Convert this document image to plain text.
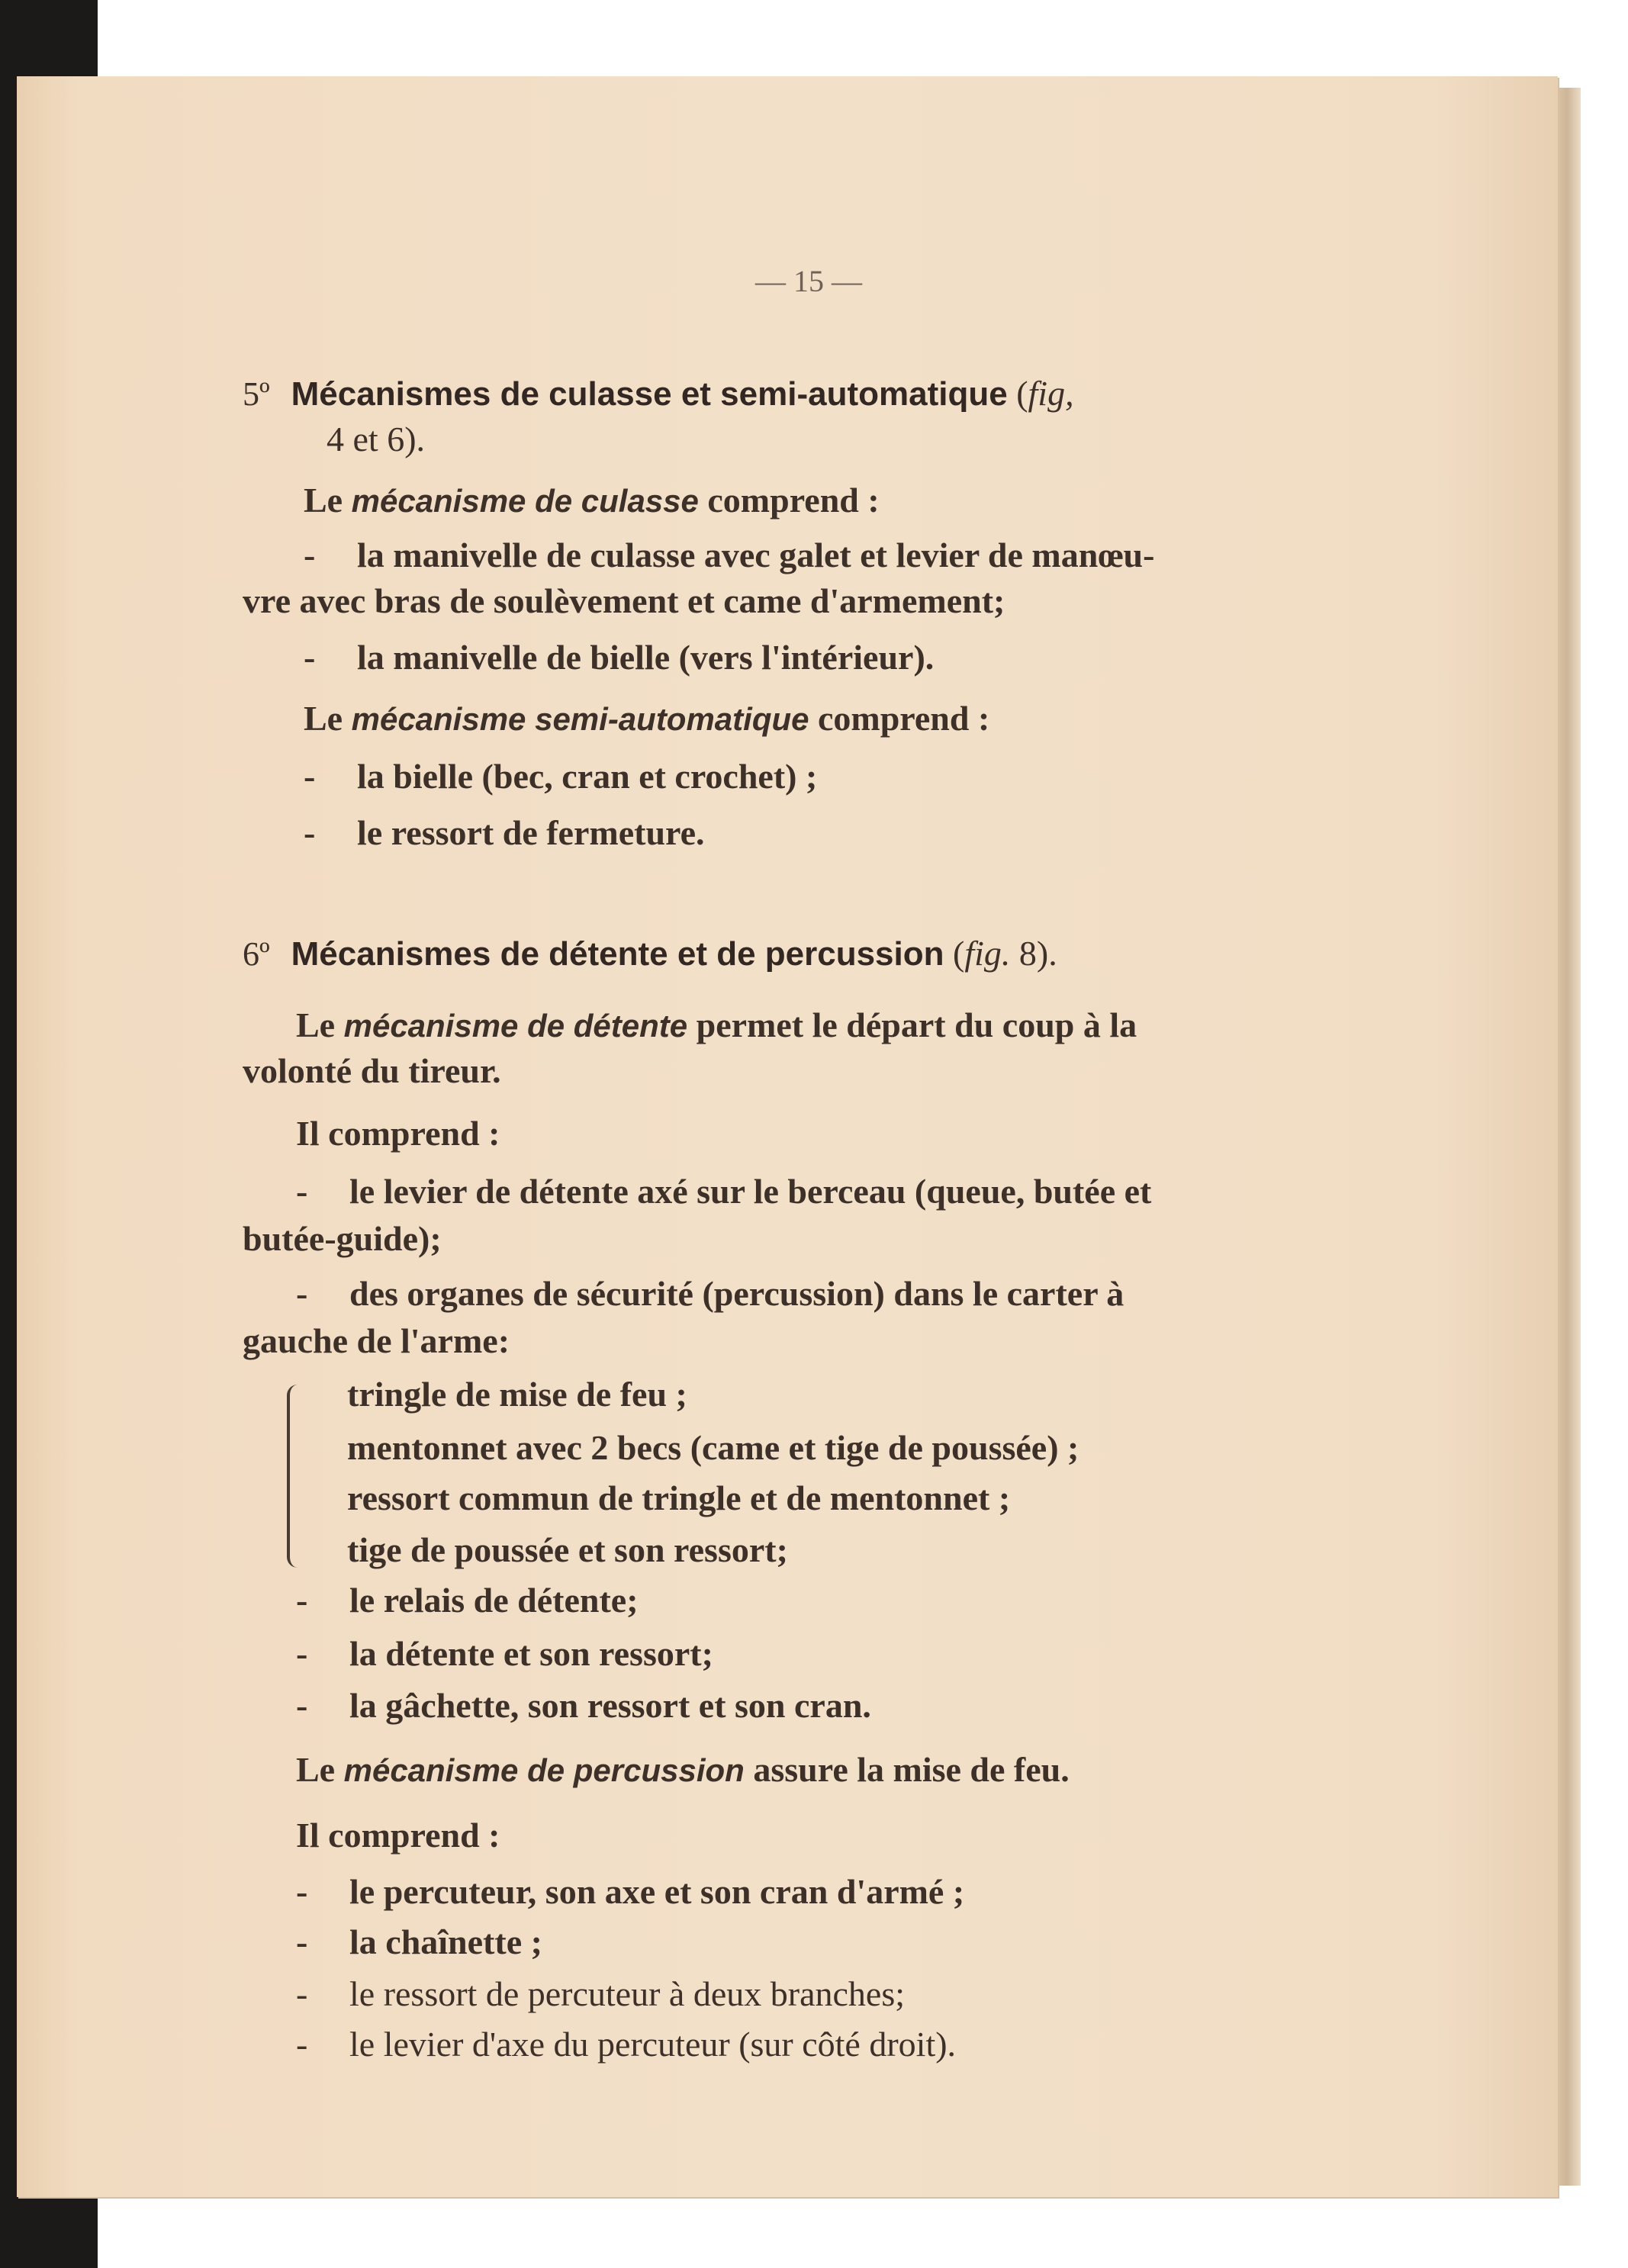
— 15 —
5º Mécanismes de culasse et semi-automatique (fig,
4 et 6).
Le mécanisme de culasse comprend :
- la manivelle de culasse avec galet et levier de manœu-
vre avec bras de soulèvement et came d'armement;
- la manivelle de bielle (vers l'intérieur).
Le mécanisme semi-automatique comprend :
- la bielle (bec, cran et crochet) ;
- le ressort de fermeture.
6º Mécanismes de détente et de percussion (fig. 8).
Le mécanisme de détente permet le départ du coup à la
volonté du tireur.
Il comprend :
- le levier de détente axé sur le berceau (queue, butée et
butée-guide);
- des organes de sécurité (percussion) dans le carter à
gauche de l'arme:
tringle de mise de feu ;
mentonnet avec 2 becs (came et tige de poussée) ;
ressort commun de tringle et de mentonnet ;
tige de poussée et son ressort;
- le relais de détente;
- la détente et son ressort;
- la gâchette, son ressort et son cran.
Le mécanisme de percussion assure la mise de feu.
Il comprend :
- le percuteur, son axe et son cran d'armé ;
- la chaînette ;
- le ressort de percuteur à deux branches;
- le levier d'axe du percuteur (sur côté droit).
